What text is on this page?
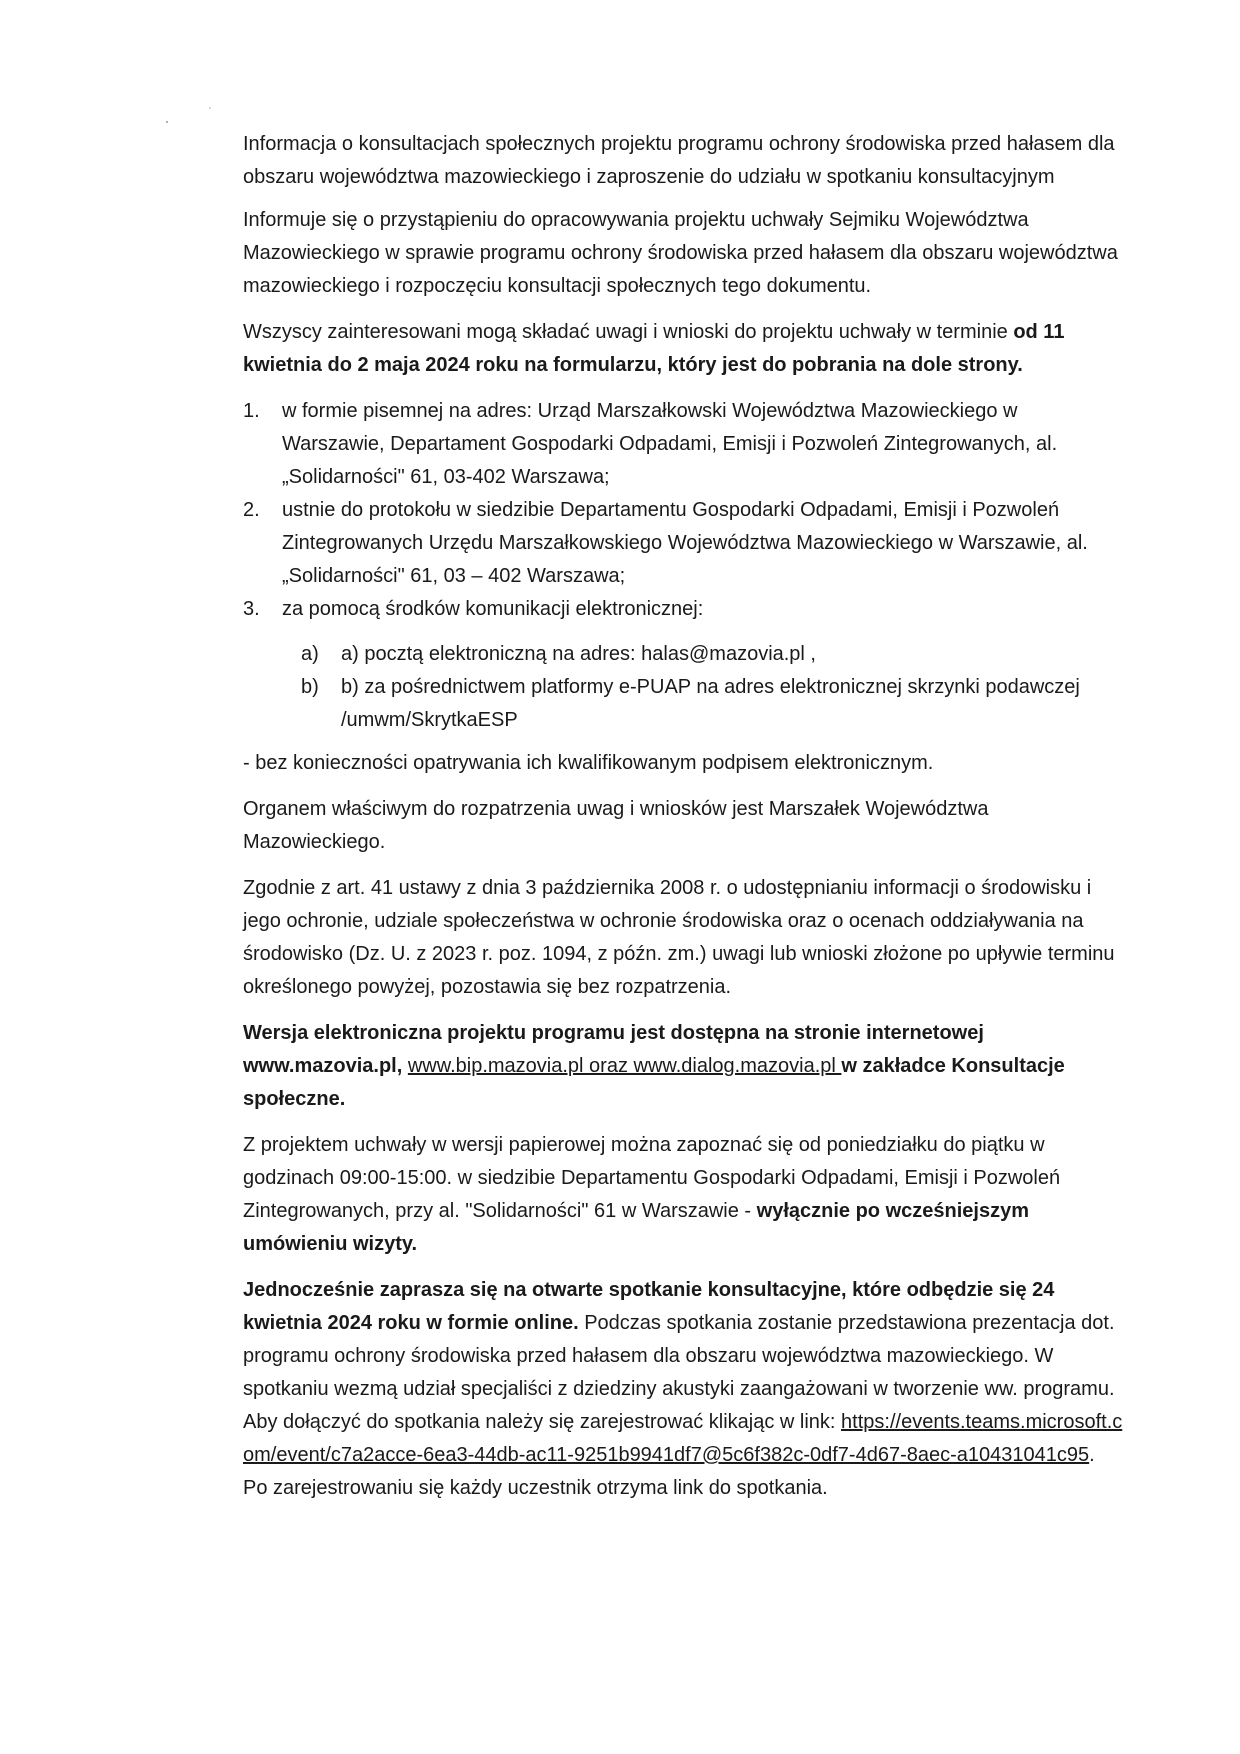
Informacja o konsultacjach społecznych projektu programu ochrony środowiska przed hałasem dla obszaru województwa mazowieckiego i zaproszenie do udziału w spotkaniu konsultacyjnym

Informuje się o przystąpieniu do opracowywania projektu uchwały Sejmiku Województwa Mazowieckiego w sprawie programu ochrony środowiska przed hałasem dla obszaru województwa mazowieckiego i rozpoczęciu konsultacji społecznych tego dokumentu.

Wszyscy zainteresowani mogą składać uwagi i wnioski do projektu uchwały w terminie od 11 kwietnia do 2 maja 2024 roku na formularzu, który jest do pobrania na dole strony.

1. w formie pisemnej na adres: Urząd Marszałkowski Województwa Mazowieckiego w Warszawie, Departament Gospodarki Odpadami, Emisji i Pozwoleń Zintegrowanych, al. „Solidarności" 61, 03-402 Warszawa;
2. ustnie do protokołu w siedzibie Departamentu Gospodarki Odpadami, Emisji i Pozwoleń Zintegrowanych Urzędu Marszałkowskiego Województwa Mazowieckiego w Warszawie, al. „Solidarności" 61, 03 – 402 Warszawa;
3. za pomocą środków komunikacji elektronicznej:
a) a) pocztą elektroniczną na adres: halas@mazovia.pl ,
b) b) za pośrednictwem platformy e-PUAP na adres elektronicznej skrzynki podawczej /umwm/SkrytkaESP

- bez konieczności opatrywania ich kwalifikowanym podpisem elektronicznym.

Organem właściwym do rozpatrzenia uwag i wniosków jest Marszałek Województwa Mazowieckiego.

Zgodnie z art. 41 ustawy z dnia 3 października 2008 r. o udostępnianiu informacji o środowisku i jego ochronie, udziale społeczeństwa w ochronie środowiska oraz o ocenach oddziaływania na środowisko (Dz. U. z 2023 r. poz. 1094, z późn. zm.) uwagi lub wnioski złożone po upływie terminu określonego powyżej, pozostawia się bez rozpatrzenia.

Wersja elektroniczna projektu programu jest dostępna na stronie internetowej www.mazovia.pl, www.bip.mazovia.pl oraz www.dialog.mazovia.pl w zakładce Konsultacje społeczne.

Z projektem uchwały w wersji papierowej można zapoznać się od poniedziałku do piątku w godzinach 09:00-15:00. w siedzibie Departamentu Gospodarki Odpadami, Emisji i Pozwoleń Zintegrowanych, przy al. "Solidarności" 61 w Warszawie - wyłącznie po wcześniejszym umówieniu wizyty.

Jednocześnie zaprasza się na otwarte spotkanie konsultacyjne, które odbędzie się 24 kwietnia 2024 roku w formie online. Podczas spotkania zostanie przedstawiona prezentacja dot. programu ochrony środowiska przed hałasem dla obszaru województwa mazowieckiego. W spotkaniu wezmą udział specjaliści z dziedziny akustyki zaangażowani w tworzenie ww. programu. Aby dołączyć do spotkania należy się zarejestrować klikając w link: https://events.teams.microsoft.com/event/c7a2acce-6ea3-44db-ac11-9251b9941df7@5c6f382c-0df7-4d67-8aec-a10431041c95. Po zarejestrowaniu się każdy uczestnik otrzyma link do spotkania.
